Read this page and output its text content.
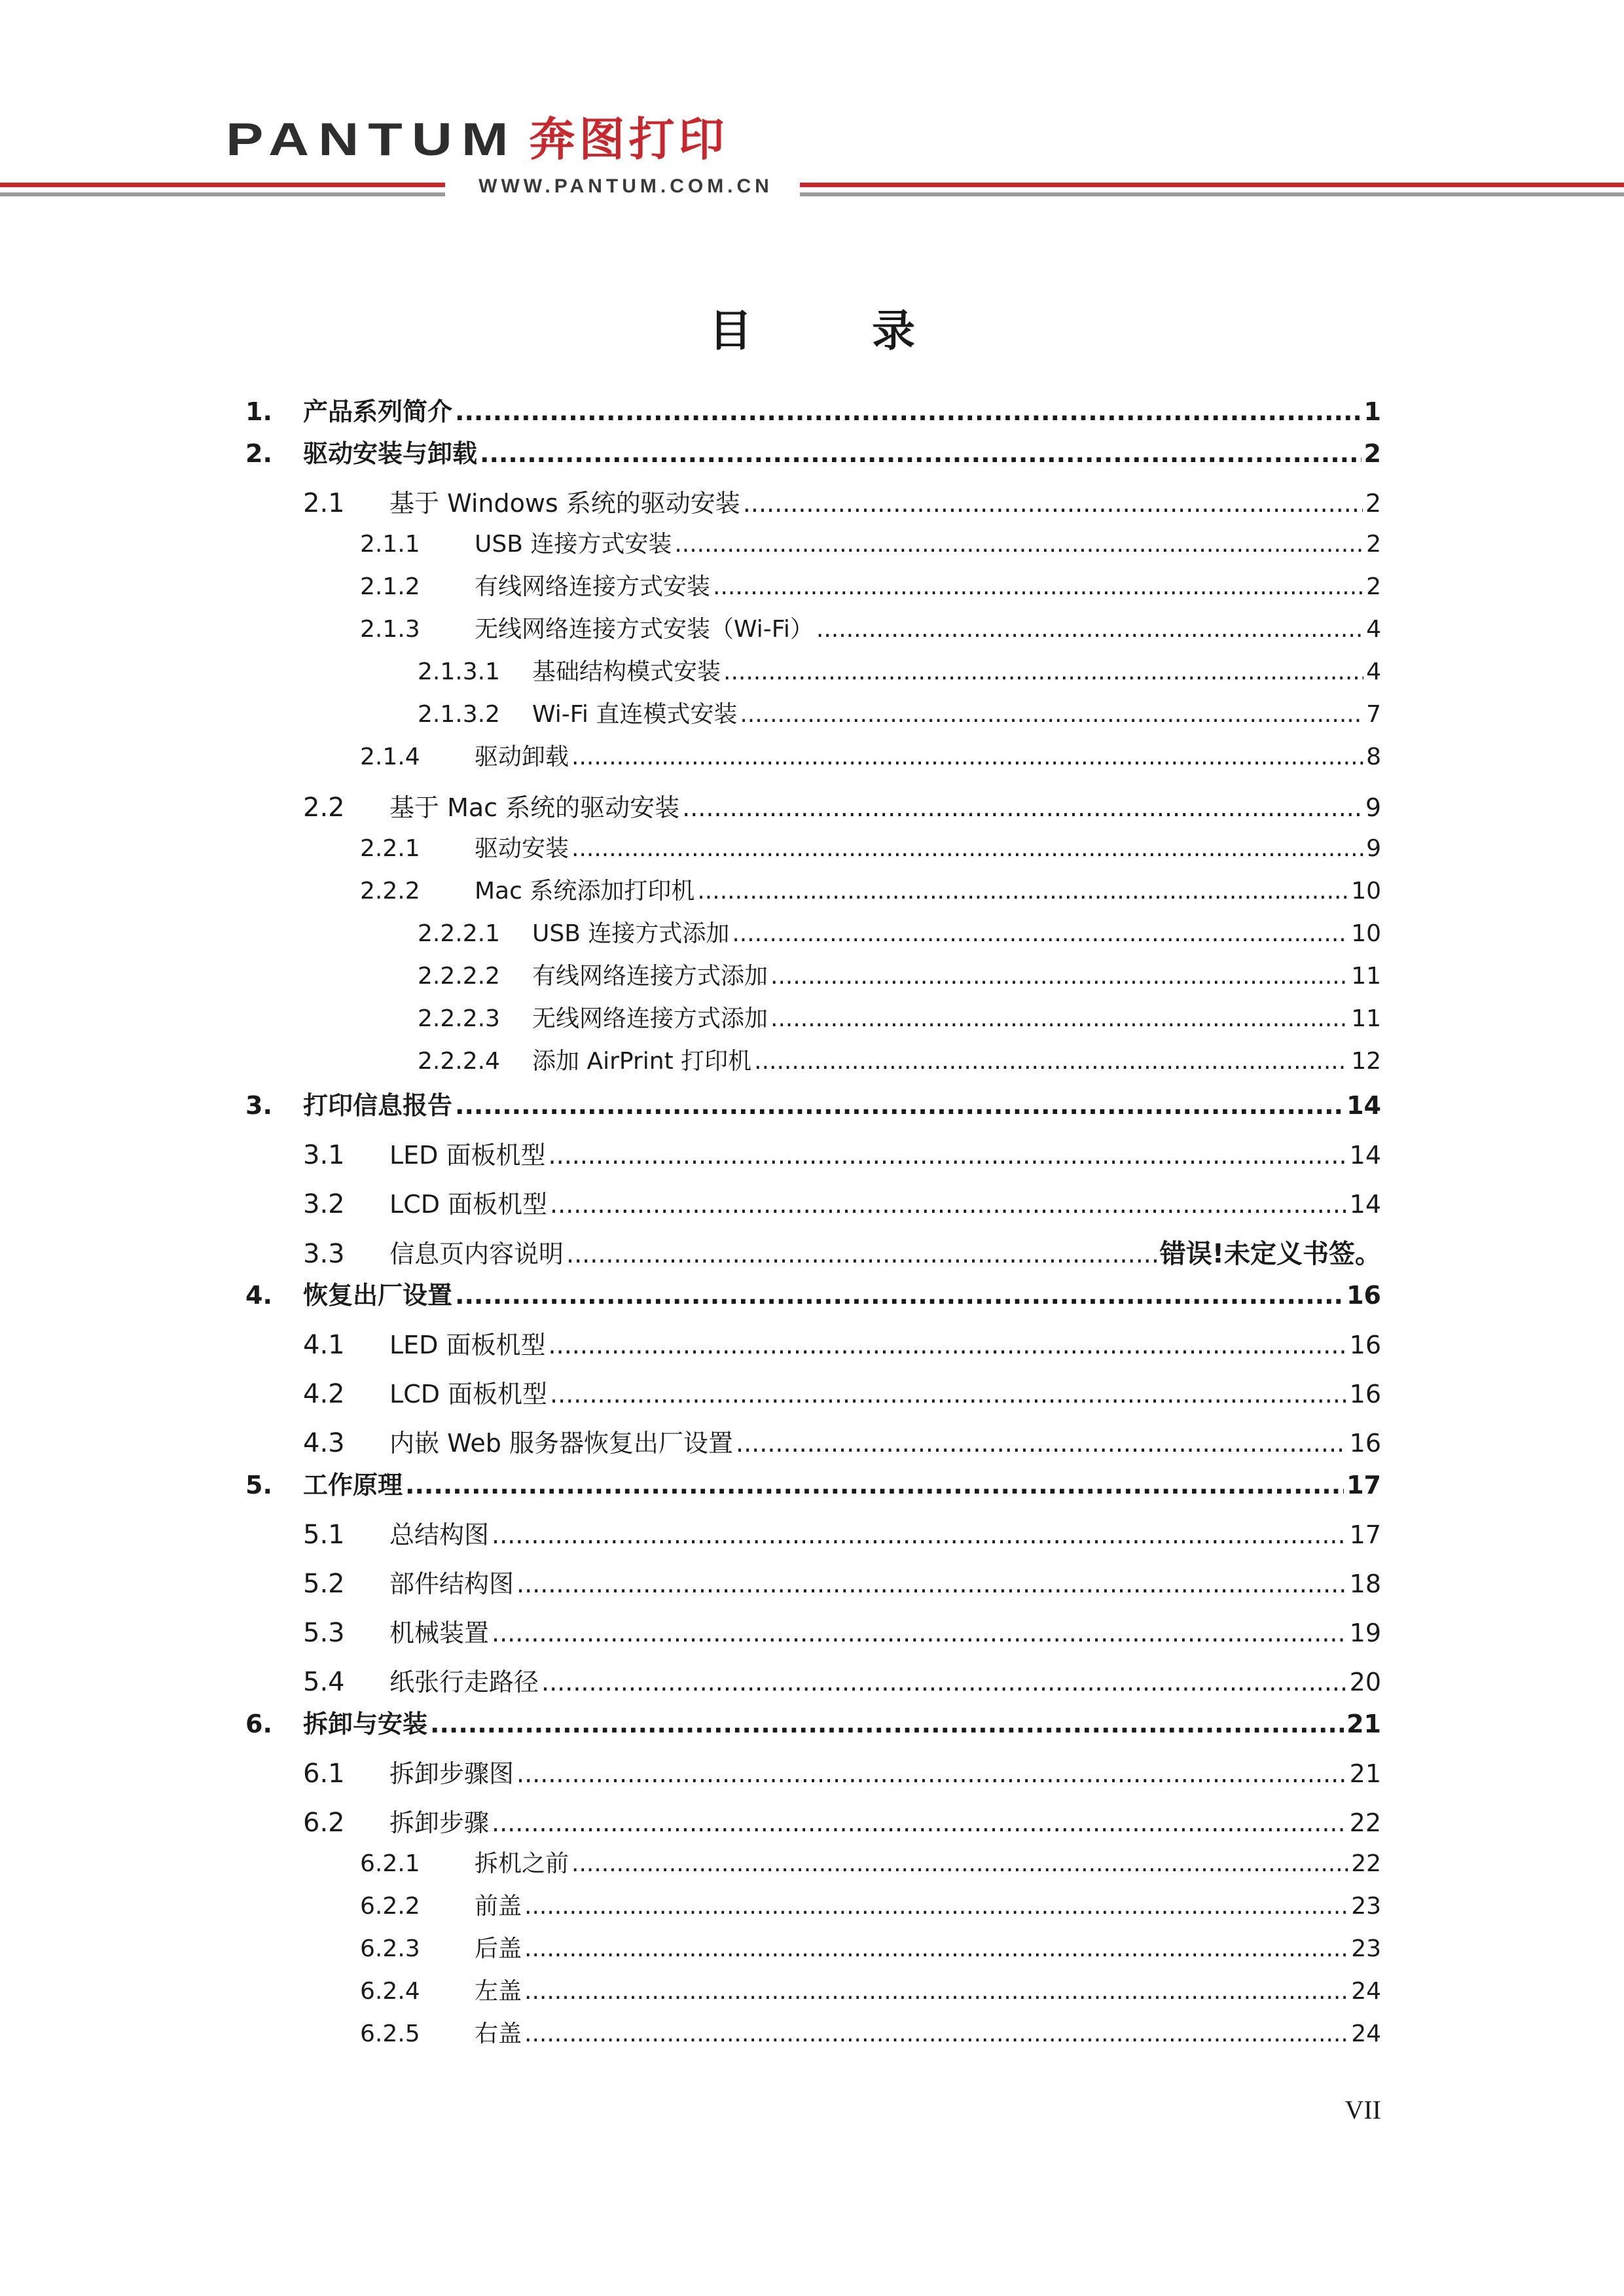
PANTUM 奔图打印
WWW.PANTUM.COM.CN
目 录
1.	产品系列简介 .....	1
2.	驱动安装与卸载 .....	2
2.1	基于 Windows 系统的驱动安装 .....	2
2.1.1	USB 连接方式安装 .....	2
2.1.2	有线网络连接方式安装 .....	2
2.1.3	无线网络连接方式安装（Wi-Fi） .....	4
2.1.3.1	基础结构模式安装 .....	4
2.1.3.2	Wi-Fi 直连模式安装 .....	7
2.1.4	驱动卸载 .....	8
2.2	基于 Mac 系统的驱动安装 .....	9
2.2.1	驱动安装 .....	9
2.2.2	Mac 系统添加打印机 .....	10
2.2.2.1	USB 连接方式添加 .....	10
2.2.2.2	有线网络连接方式添加 .....	11
2.2.2.3	无线网络连接方式添加 .....	11
2.2.2.4	添加 AirPrint 打印机 .....	12
3.	打印信息报告 .....	14
3.1	LED 面板机型 .....	14
3.2	LCD 面板机型 .....	14
3.3	信息页内容说明 .....	错误!未定义书签。
4.	恢复出厂设置 .....	16
4.1	LED 面板机型 .....	16
4.2	LCD 面板机型 .....	16
4.3	内嵌 Web 服务器恢复出厂设置 .....	16
5.	工作原理 .....	17
5.1	总结构图 .....	17
5.2	部件结构图 .....	18
5.3	机械装置 .....	19
5.4	纸张行走路径 .....	20
6.	拆卸与安装 .....	21
6.1	拆卸步骤图 .....	21
6.2	拆卸步骤 .....	22
6.2.1	拆机之前 .....	22
6.2.2	前盖 .....	23
6.2.3	后盖 .....	23
6.2.4	左盖 .....	24
6.2.5	右盖 .....	24
VII
